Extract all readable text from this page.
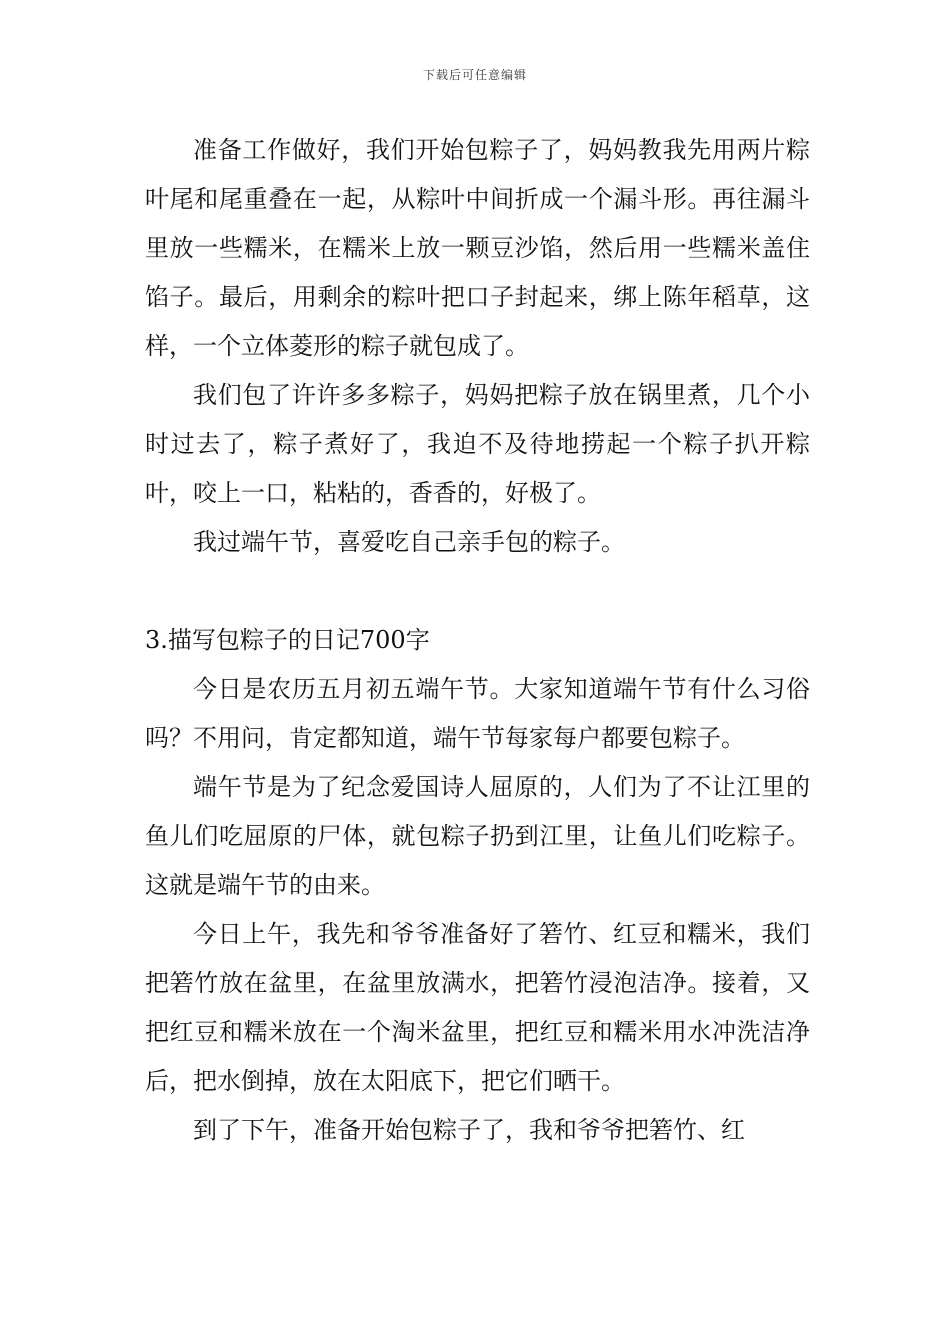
下载后可任意编辑

准备工作做好，我们开始包粽子了，妈妈教我先用两片粽叶尾和尾重叠在一起，从粽叶中间折成一个漏斗形。再往漏斗里放一些糯米，在糯米上放一颗豆沙馅，然后用一些糯米盖住馅子。最后，用剩余的粽叶把口子封起来，绑上陈年稻草，这样，一个立体菱形的粽子就包成了。

我们包了许许多多粽子，妈妈把粽子放在锅里煮，几个小时过去了，粽子煮好了，我迫不及待地捞起一个粽子扒开粽叶，咬上一口，粘粘的，香香的，好极了。

我过端午节，喜爱吃自己亲手包的粽子。

3.描写包粽子的日记700字

今日是农历五月初五端午节。大家知道端午节有什么习俗吗？不用问，肯定都知道，端午节每家每户都要包粽子。

端午节是为了纪念爱国诗人屈原的，人们为了不让江里的鱼儿们吃屈原的尸体，就包粽子扔到江里，让鱼儿们吃粽子。这就是端午节的由来。

今日上午，我先和爷爷准备好了箬竹、红豆和糯米，我们把箬竹放在盆里，在盆里放满水，把箬竹浸泡洁净。接着，又把红豆和糯米放在一个淘米盆里，把红豆和糯米用水冲洗洁净后，把水倒掉，放在太阳底下，把它们晒干。

到了下午，准备开始包粽子了，我和爷爷把箬竹、红
